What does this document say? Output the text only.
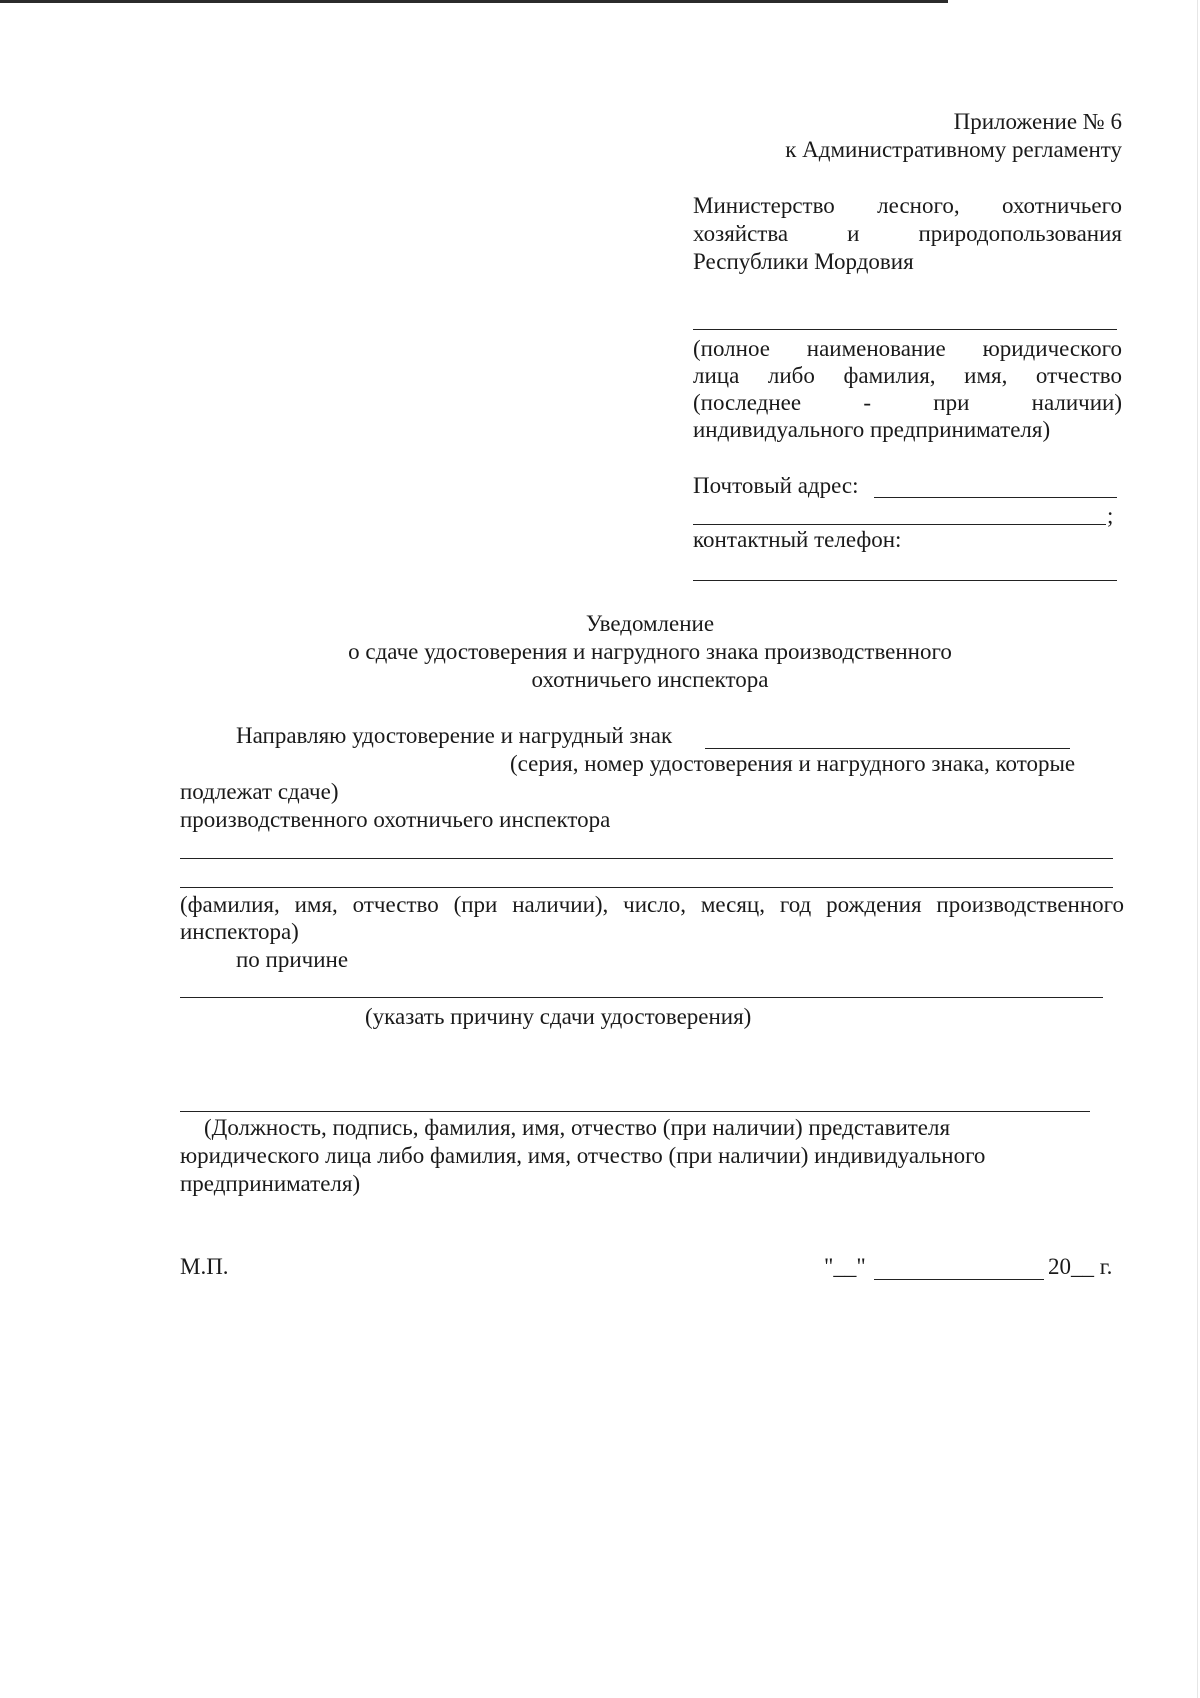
Приложение № 6
к Административному регламенту
Министерство лесного, охотничьего
хозяйства и природопользования
Республики Мордовия
(полное наименование юридического
лица либо фамилия, имя, отчество
(последнее - при наличии)
индивидуального предпринимателя)
Почтовый адрес:
;
контактный телефон:
Уведомление
о сдаче удостоверения и нагрудного знака производственного
охотничьего инспектора
Направляю удостоверение и нагрудный знак
(серия, номер удостоверения и нагрудного знака, которые
подлежат сдаче)
производственного охотничьего инспектора
(фамилия, имя, отчество (при наличии), число, месяц, год рождения производственного
инспектора)
по причине
(указать причину сдачи удостоверения)
(Должность, подпись, фамилия, имя, отчество (при наличии) представителя
юридического лица либо фамилия, имя, отчество (при наличии) индивидуального
предпринимателя)
М.П.	"__"	20__ г.
